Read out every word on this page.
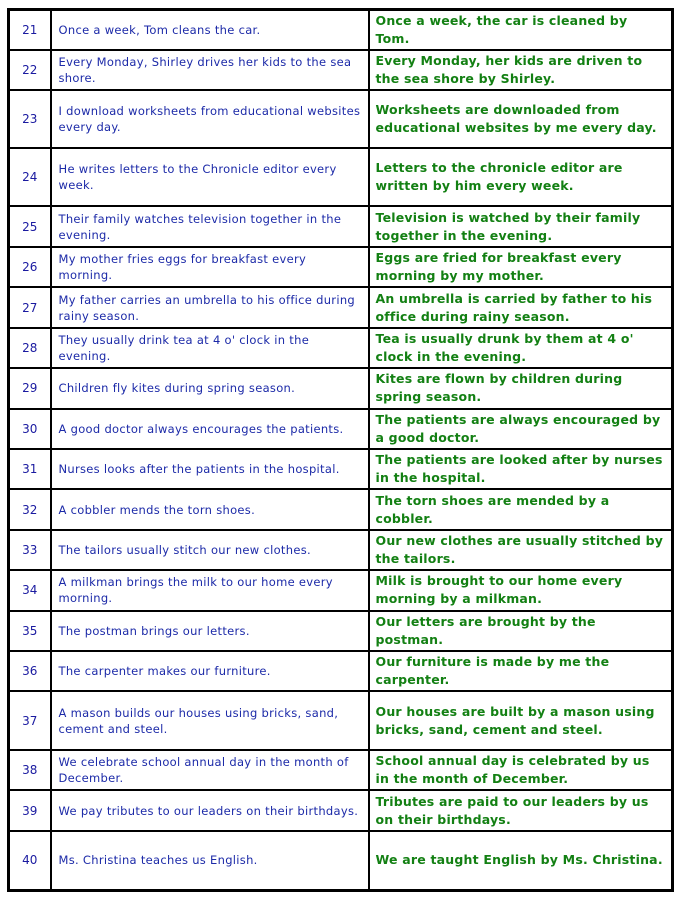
21	Once a week, Tom cleans the car.	Once a week, the car is cleaned by Tom.
22	Every Monday, Shirley drives her kids to the sea shore.	Every Monday, her kids are driven to the sea shore by Shirley.
23	I download worksheets from educational websites every day.	Worksheets are downloaded from educational websites by me every day.
24	He writes letters to the Chronicle editor every week.	Letters to the chronicle editor are written by him every week.
25	Their family watches television together in the evening.	Television is watched by their family together in the evening.
26	My mother fries eggs for breakfast every morning.	Eggs are fried for breakfast every morning by my mother.
27	My father carries an umbrella to his office during rainy season.	An umbrella is carried by father to his office during rainy season.
28	They usually drink tea at 4 o' clock in the evening.	Tea is usually drunk by them at 4 o' clock in the evening.
29	Children fly kites during spring season.	Kites are flown by children during spring season.
30	A good doctor always encourages the patients.	The patients are always encouraged by a good doctor.
31	Nurses looks after the patients in the hospital.	The patients are looked after by nurses in the hospital.
32	A cobbler mends the torn shoes.	The torn shoes are mended by a cobbler.
33	The tailors usually stitch our new clothes.	Our new clothes are usually stitched by the tailors.
34	A milkman brings the milk to our home every morning.	Milk is brought to our home every morning by a milkman.
35	The postman brings our letters.	Our letters are brought by the postman.
36	The carpenter makes our furniture.	Our furniture is made by me the carpenter.
37	A mason builds our houses using bricks, sand, cement and steel.	Our houses are built by a mason using bricks, sand, cement and steel.
38	We celebrate school annual day in the month of December.	School annual day is celebrated by us in the month of December.
39	We pay tributes to our leaders on their birthdays.	Tributes are paid to our leaders by us on their birthdays.
40	Ms. Christina teaches us English.	We are taught English by Ms. Christina.
